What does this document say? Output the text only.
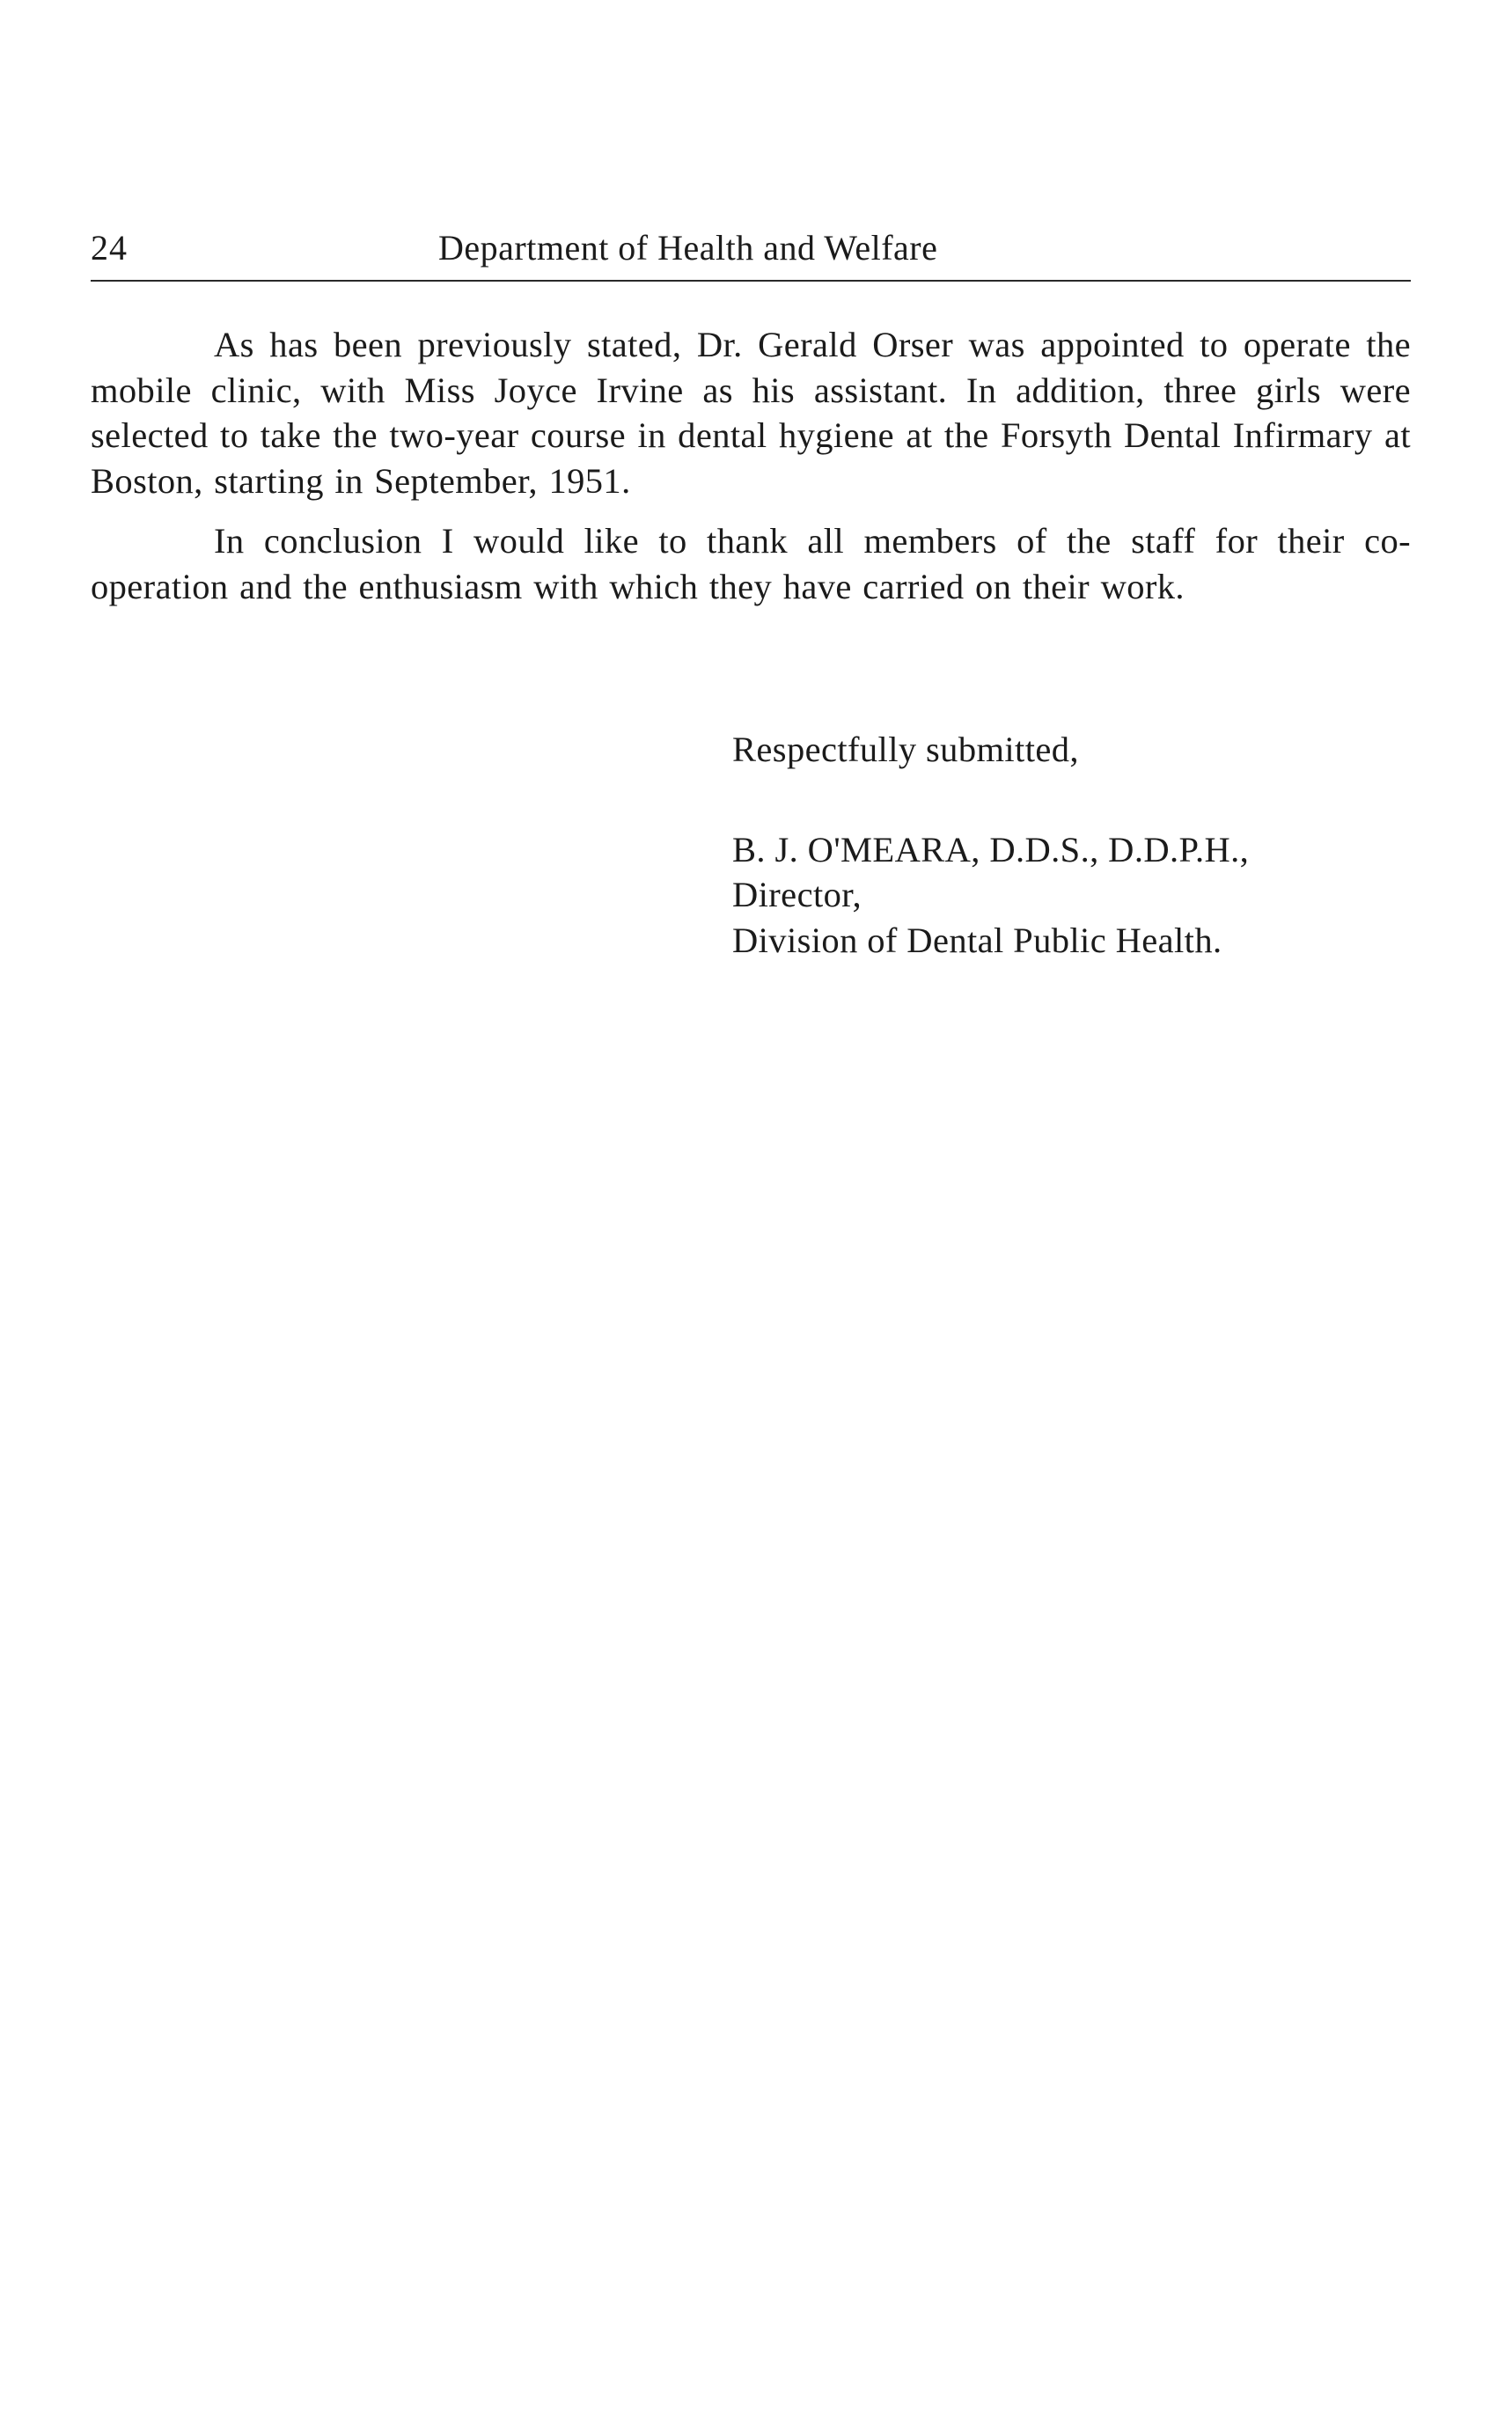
24	Department of Health and Welfare

As has been previously stated, Dr. Gerald Orser was appointed to operate the mobile clinic, with Miss Joyce Irvine as his assistant. In addition, three girls were selected to take the two-year course in dental hygiene at the Forsyth Dental Infirmary at Boston, starting in September, 1951.

In conclusion I would like to thank all members of the staff for their co-operation and the enthusiasm with which they have carried on their work.

Respectfully submitted,
B. J. O'MEARA, D.D.S., D.D.P.H.,
Director,
Division of Dental Public Health.
